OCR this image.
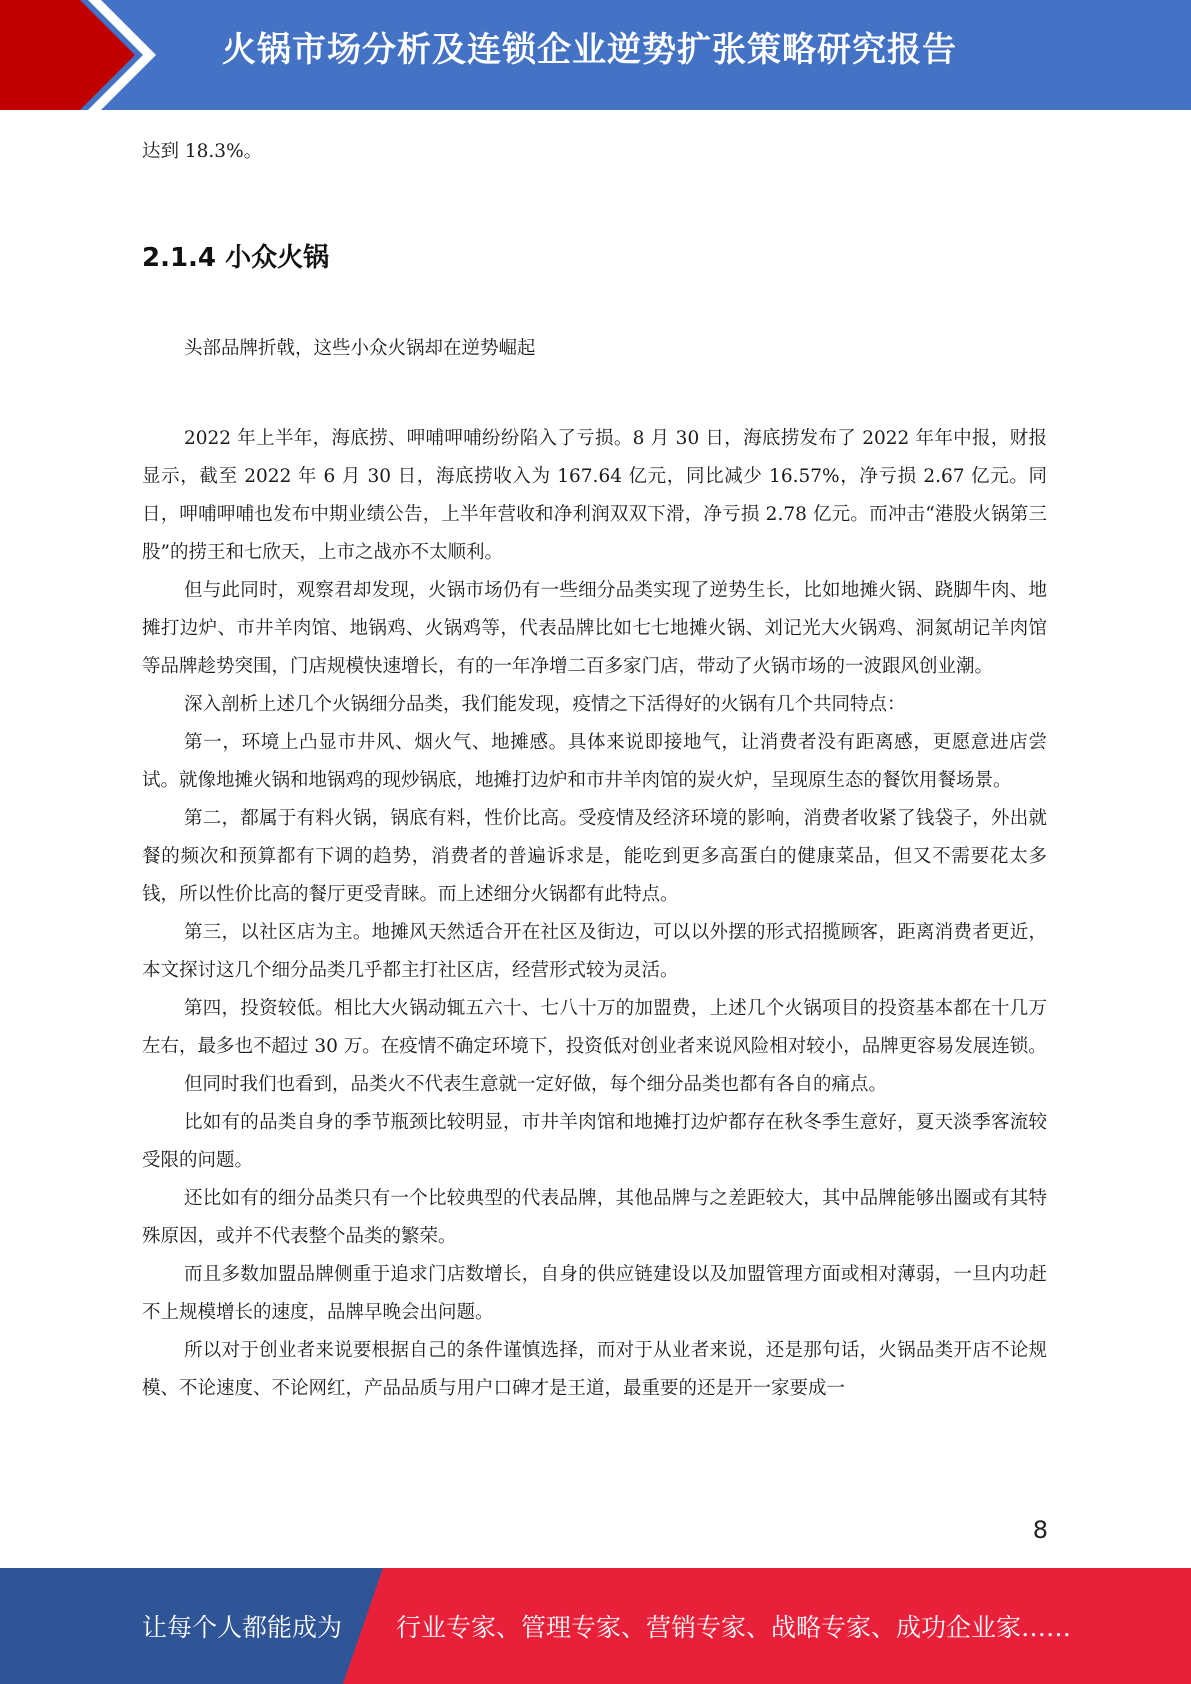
火锅市场分析及连锁企业逆势扩张策略研究报告

达到 18.3%。

2.1.4 小众火锅

头部品牌折戟，这些小众火锅却在逆势崛起

2022 年上半年，海底捞、呷哺呷哺纷纷陷入了亏损。8 月 30 日，海底捞发布了 2022 年年中报，财报显示，截至 2022 年 6 月 30 日，海底捞收入为 167.64 亿元，同比减少 16.57%，净亏损 2.67 亿元。同日，呷哺呷哺也发布中期业绩公告，上半年营收和净利润双双下滑，净亏损 2.78 亿元。而冲击“港股火锅第三股”的捞王和七欣天，上市之战亦不太顺利。

但与此同时，观察君却发现，火锅市场仍有一些细分品类实现了逆势生长，比如地摊火锅、跷脚牛肉、地摊打边炉、市井羊肉馆、地锅鸡、火锅鸡等，代表品牌比如七七地摊火锅、刘记光大火锅鸡、洞氮胡记羊肉馆等品牌趁势突围，门店规模快速增长，有的一年净增二百多家门店，带动了火锅市场的一波跟风创业潮。

深入剖析上述几个火锅细分品类，我们能发现，疫情之下活得好的火锅有几个共同特点：

第一，环境上凸显市井风、烟火气、地摊感。具体来说即接地气，让消费者没有距离感，更愿意进店尝试。就像地摊火锅和地锅鸡的现炒锅底，地摊打边炉和市井羊肉馆的炭火炉，呈现原生态的餐饮用餐场景。

第二，都属于有料火锅，锅底有料，性价比高。受疫情及经济环境的影响，消费者收紧了钱袋子，外出就餐的频次和预算都有下调的趋势，消费者的普遍诉求是，能吃到更多高蛋白的健康菜品，但又不需要花太多钱，所以性价比高的餐厅更受青睐。而上述细分火锅都有此特点。

第三，以社区店为主。地摊风天然适合开在社区及街边，可以以外摆的形式招揽顾客，距离消费者更近，本文探讨这几个细分品类几乎都主打社区店，经营形式较为灵活。

第四，投资较低。相比大火锅动辄五六十、七八十万的加盟费，上述几个火锅项目的投资基本都在十几万左右，最多也不超过 30 万。在疫情不确定环境下，投资低对创业者来说风险相对较小，品牌更容易发展连锁。

但同时我们也看到，品类火不代表生意就一定好做，每个细分品类也都有各自的痛点。

比如有的品类自身的季节瓶颈比较明显，市井羊肉馆和地摊打边炉都存在秋冬季生意好，夏天淡季客流较受限的问题。

还比如有的细分品类只有一个比较典型的代表品牌，其他品牌与之差距较大，其中品牌能够出圈或有其特殊原因，或并不代表整个品类的繁荣。

而且多数加盟品牌侧重于追求门店数增长，自身的供应链建设以及加盟管理方面或相对薄弱，一旦内功赶不上规模增长的速度，品牌早晚会出问题。

所以对于创业者来说要根据自己的条件谨慎选择，而对于从业者来说，还是那句话，火锅品类开店不论规模、不论速度、不论网红，产品品质与用户口碑才是王道，最重要的还是开一家要成一

8
让每个人都能成为 行业专家、管理专家、营销专家、战略专家、成功企业家……
